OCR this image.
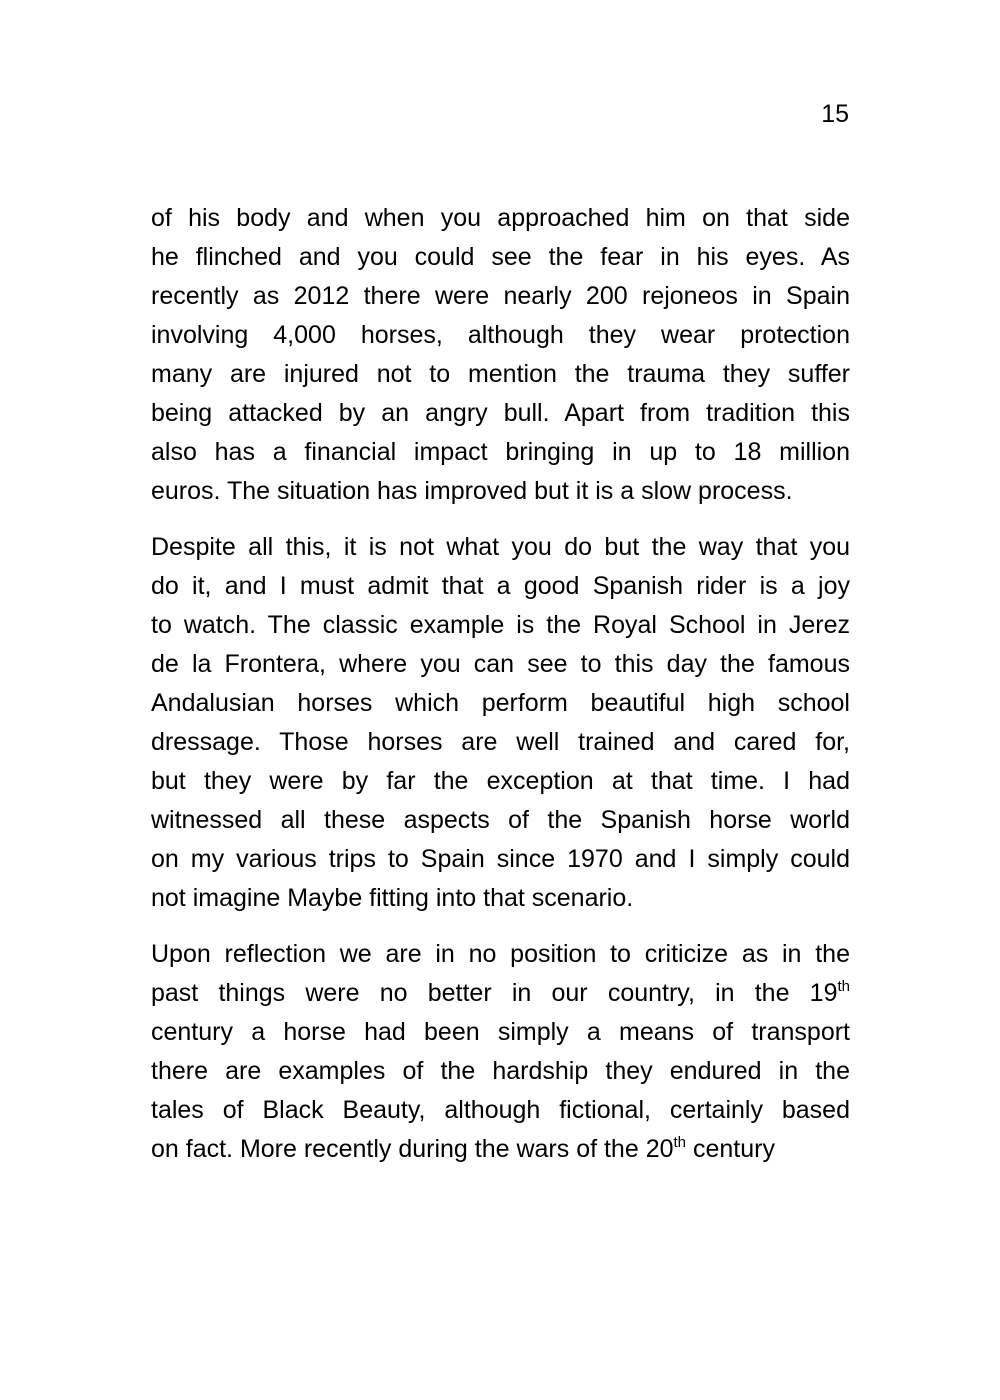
15

of his body and when you approached him on that side
he flinched and you could see the fear in his eyes. As
recently as 2012 there were nearly 200 rejoneos in Spain
involving 4,000 horses, although they wear protection
many are injured not to mention the trauma they suffer
being attacked by an angry bull. Apart from tradition this
also has a financial impact bringing in up to 18 million
euros. The situation has improved but it is a slow process.

Despite all this, it is not what you do but the way that you
do it, and I must admit that a good Spanish rider is a joy
to watch. The classic example is the Royal School in Jerez
de la Frontera, where you can see to this day the famous
Andalusian horses which perform beautiful high school
dressage. Those horses are well trained and cared for,
but they were by far the exception at that time. I had
witnessed all these aspects of the Spanish horse world
on my various trips to Spain since 1970 and I simply could
not imagine Maybe fitting into that scenario.

Upon reflection we are in no position to criticize as in the
past things were no better in our country, in the 19th
century a horse had been simply a means of transport
there are examples of the hardship they endured in the
tales of Black Beauty, although fictional, certainly based
on fact. More recently during the wars of the 20th century
